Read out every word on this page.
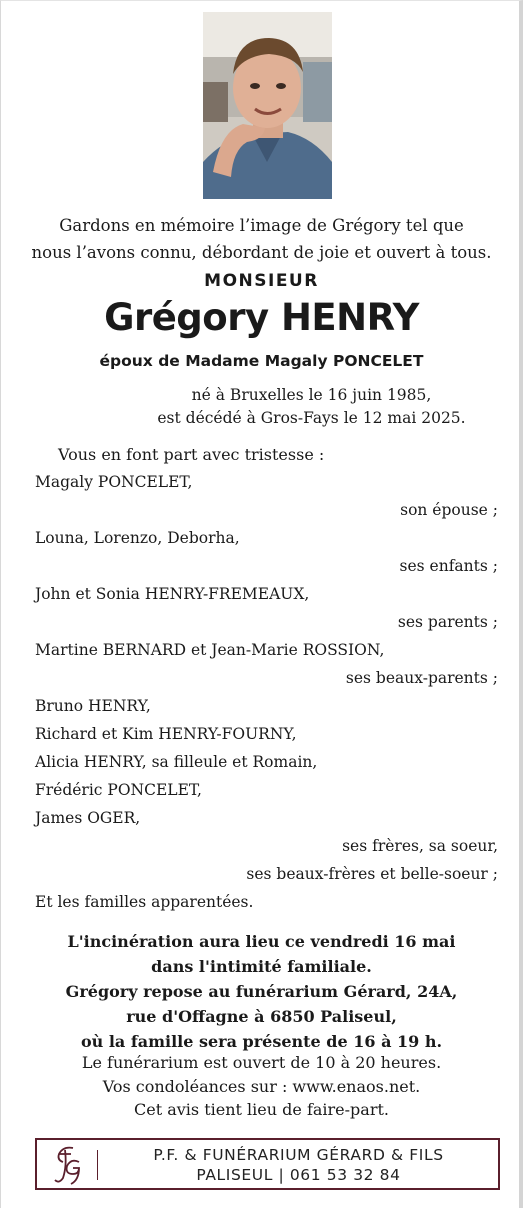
Gardons en mémoire l’image de Grégory tel que
nous l’avons connu, débordant de joie et ouvert à tous.
MONSIEUR
Grégory HENRY
époux de Madame Magaly PONCELET
né à Bruxelles le 16 juin 1985,
est décédé à Gros-Fays le 12 mai 2025.
Vous en font part avec tristesse :
Magaly PONCELET,
son épouse ;
Louna, Lorenzo, Deborha,
ses enfants ;
John et Sonia HENRY-FREMEAUX,
ses parents ;
Martine BERNARD et Jean-Marie ROSSION,
ses beaux-parents ;
Bruno HENRY,
Richard et Kim HENRY-FOURNY,
Alicia HENRY, sa filleule et Romain,
Frédéric PONCELET,
James OGER,
ses frères, sa soeur,
ses beaux-frères et belle-soeur ;
Et les familles apparentées.
L'incinération aura lieu ce vendredi 16 mai
dans l'intimité familiale.
Grégory repose au funérarium Gérard, 24A,
rue d'Offagne à 6850 Paliseul,
où la famille sera présente de 16 à 19 h.
Le funérarium est ouvert de 10 à 20 heures.
Vos condoléances sur : www.enaos.net.
Cet avis tient lieu de faire-part.
P.F. & FUNÉRARIUM GÉRARD & FILS
PALISEUL | 061 53 32 84
